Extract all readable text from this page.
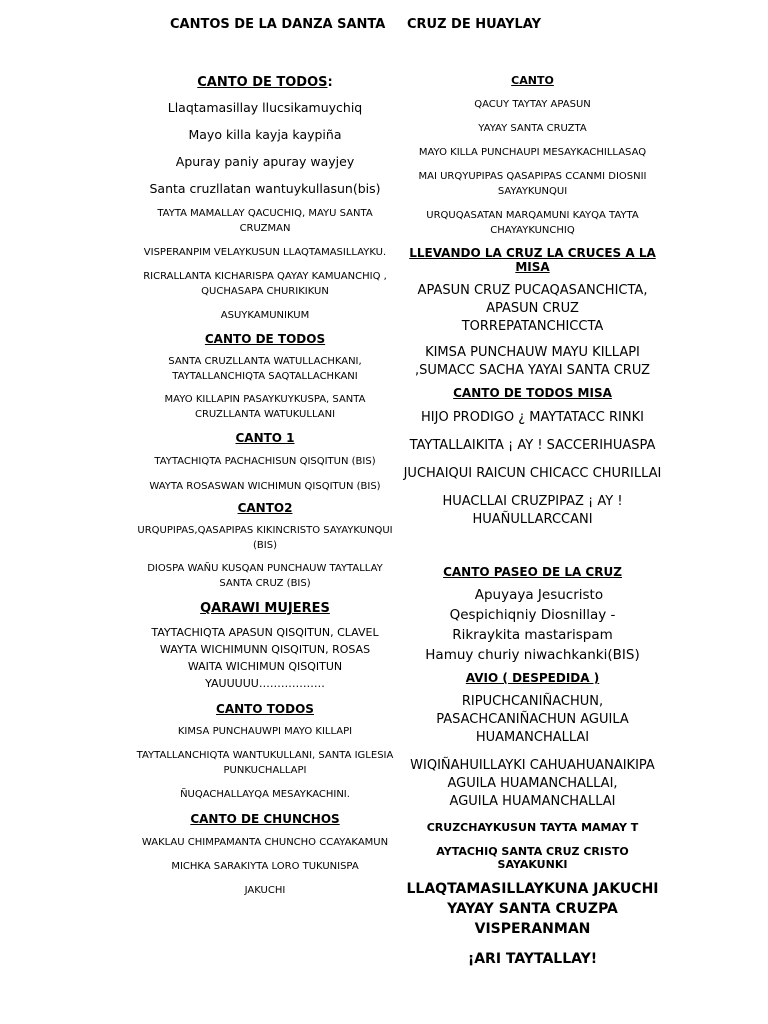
CANTOS DE LA DANZA SANTA CRUZ DE HUAYLAY
CANTO DE TODOS:

Llaqtamasillay llucsikamuychiq

Mayo killa kayja kaypiña

Apuray paniy apuray wayjey

Santa cruzllatan wantuykullasun(bis)

TAYTA MAMALLAY QACUCHIQ, MAYU SANTA CRUZMAN

VISPERANPIM VELAYKUSUN LLAQTAMASILLAYKU.

RICRALLANTA KICHARISPA QAYAY KAMUANCHIQ , QUCHASAPA CHURIKIKUN

ASUYKAMUNIKUM

CANTO DE TODOS

SANTA CRUZLLANTA WATULLACHKANI, TAYTALLANCHIQTA SAQTALLACHKANI

MAYO KILLAPIN PASAYKUYKUSPA, SANTA CRUZLLANTA WATUKULLANI

CANTO 1

TAYTACHIQTA PACHACHISUN QISQITUN (BIS)

WAYTA ROSASWAN WICHIMUN QISQITUN (BIS)

CANTO2

URQUPIPAS,QASAPIPAS KIKINCRISTO SAYAYKUNQUI (BIS)

DIOSPA WAÑU KUSQAN PUNCHAUW TAYTALLAY SANTA CRUZ (BIS)

QARAWI MUJERES

TAYTACHIQTA APASUN QISQITUN, CLAVEL WAYTA WICHIMUNN QISQITUN, ROSAS WAITA WICHIMUN QISQITUN YAUUUUU………………

CANTO TODOS

KIMSA PUNCHAUWPI MAYO KILLAPI

TAYTALLANCHIQTA WANTUKULLANI, SANTA IGLESIA PUNKUCHALLAPI

ÑUQACHALLAYQA MESAYKACHINI.

CANTO DE CHUNCHOS

WAKLAU CHIMPAMANTA CHUNCHO CCAYAKAMUN

MICHKA SARAKIYTA LORO TUKUNISPA

JAKUCHI

CANTO

QACUY TAYTAY APASUN

YAYAY SANTA CRUZTA

MAYO KILLA PUNCHAUPI MESAYKACHILLASAQ

MAI URQYUPIPAS QASAPIPAS CCANMI DIOSNII SAYAYKUNQUI

URQUQASATAN MARQAMUNI KAYQA TAYTA CHAYAYKUNCHIQ

LLEVANDO LA CRUZ LA CRUCES A LA MISA

APASUN CRUZ PUCAQASANCHICTA, APASUN CRUZ TORREPATANCHICCTA

KIMSA PUNCHAUW MAYU KILLAPI ,SUMACC SACHA YAYAI SANTA CRUZ

CANTO DE TODOS MISA

HIJO PRODIGO ¿ MAYTATACC RINKI

TAYTALLAIKITA ¡ AY ! SACCERIHUASPA

JUCHAIQUI RAICUN CHICACC CHURILLAI

HUACLLAI CRUZPIPAZ ¡ AY ! HUAÑULLARCCANI

CANTO PASEO DE LA CRUZ

Apuyaya Jesucristo

Qespichiqniy Diosnillay -

Rikraykita mastarispam

Hamuy churiy niwachkanki(BIS)

AVIO ( DESPEDIDA )

RIPUCHCANIÑACHUN, PASACHCANIÑACHUN AGUILA HUAMANCHALLAI

WIQIÑAHUILLAYKI CAHUAHUANAIKIPA AGUILA HUAMANCHALLAI,

AGUILA HUAMANCHALLAI

CRUZCHAYKUSUN TAYTA MAMAY T

AYTACHIQ SANTA CRUZ CRISTO SAYAKUNKI

LLAQTAMASILLAYKUNA JAKUCHI

YAYAY SANTA CRUZPA VISPERANMAN

¡ARI TAYTALLAY!
